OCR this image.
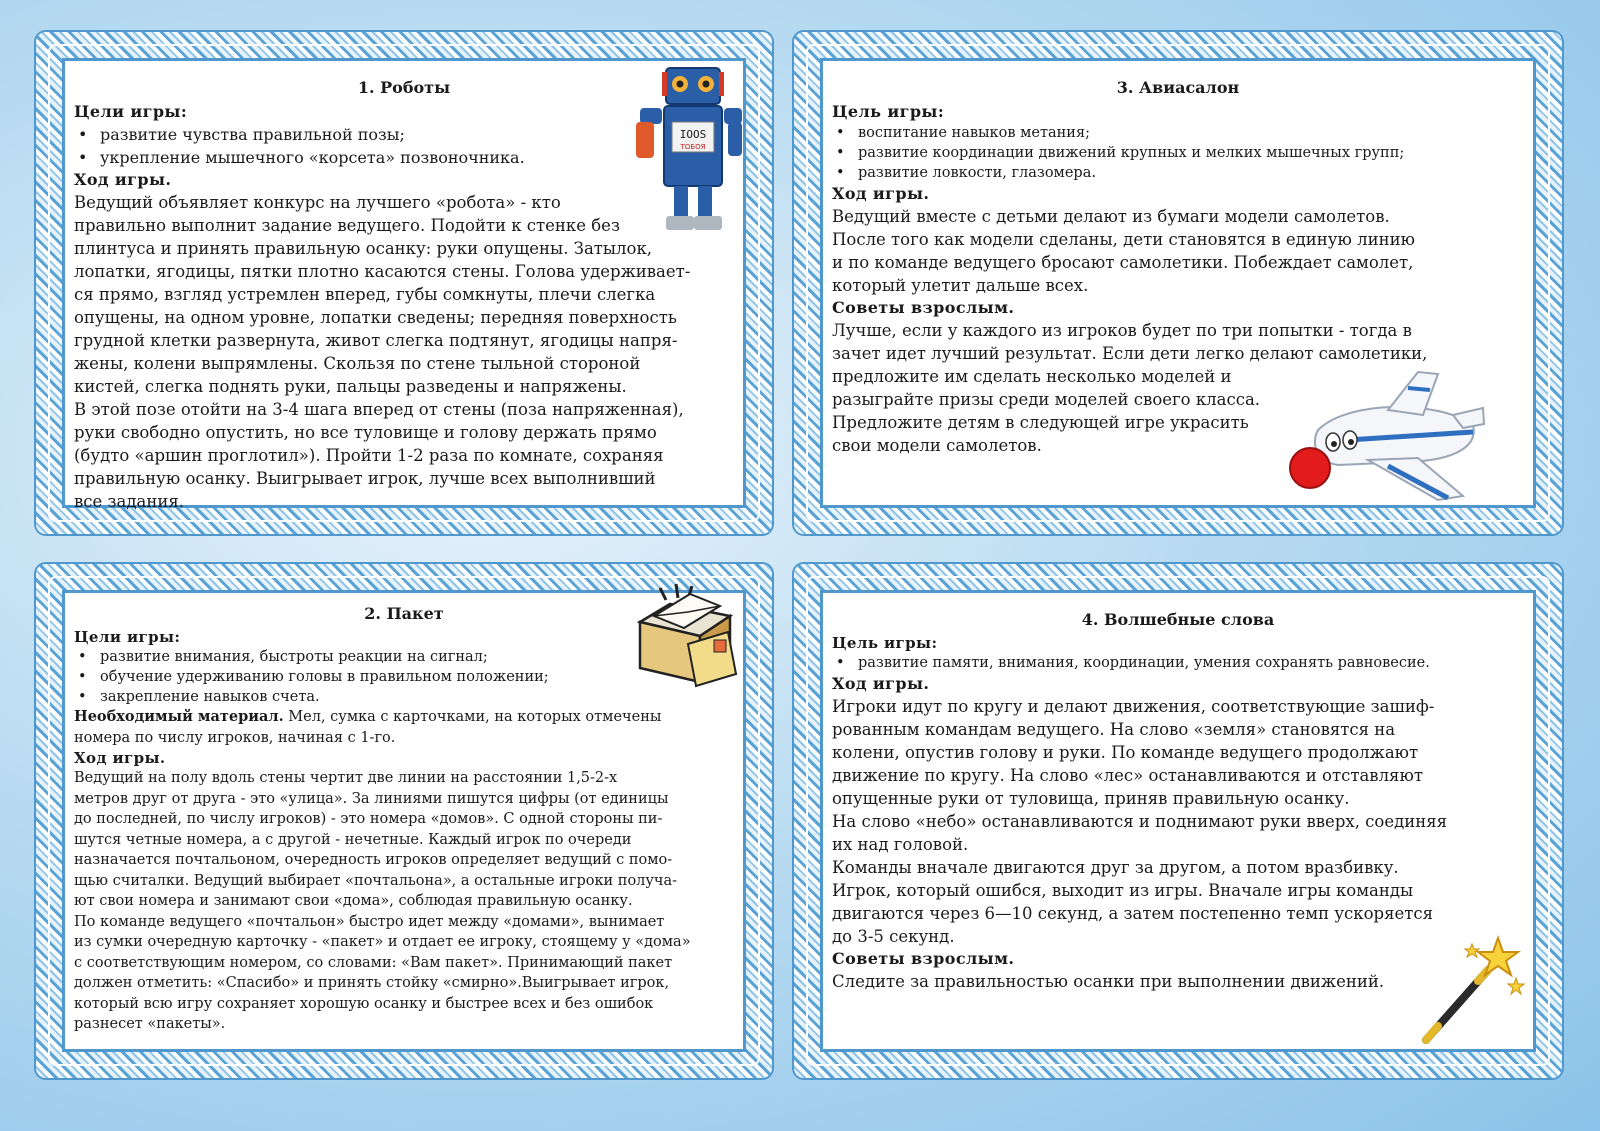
1. Роботы

Цели игры:

• развитие чувства правильной позы;
• укрепление мышечного «корсета» позвоночника.

Ход игры.

Ведущий объявляет конкурс на лучшего «робота» - кто

правильно выполнит задание ведущего. Подойти к стенке без

плинтуса и принять правильную осанку: руки опущены. Затылок,

лопатки, ягодицы, пятки плотно касаются стены. Голова удерживает-

ся прямо, взгляд устремлен вперед, губы сомкнуты, плечи слегка

опущены, на одном уровне, лопатки сведены; передняя поверхность

грудной клетки развернута, живот слегка подтянут, ягодицы напря-

жены, колени выпрямлены. Скользя по стене тыльной стороной

кистей, слегка поднять руки, пальцы разведены и напряжены.

В этой позе отойти на 3-4 шага вперед от стены (поза напряженная),

руки свободно опустить, но все туловище и голову держать прямо

(будто «аршин проглотил»). Пройти 1-2 раза по комнате, сохраняя

правильную осанку. Выигрывает игрок, лучше всех выполнивший

все задания.

IOOS
ТОБОЯ
3. Авиасалон

Цель игры:

• воспитание навыков метания;
• развитие координации движений крупных и мелких мышечных групп;
• развитие ловкости, глазомера.

Ход игры.

Ведущий вместе с детьми делают из бумаги модели самолетов.

После того как модели сделаны, дети становятся в единую линию

и по команде ведущего бросают самолетики. Побеждает самолет,

который улетит дальше всех.

Советы взрослым.

Лучше, если у каждого из игроков будет по три попытки - тогда в

зачет идет лучший результат. Если дети легко делают самолетики,

предложите им сделать несколько моделей и

разыграйте призы среди моделей своего класса.

Предложите детям в следующей игре украсить

свои модели самолетов.

2. Пакет

Цели игры:

• развитие внимания, быстроты реакции на сигнал;
• обучение удерживанию головы в правильном положении;
• закрепление навыков счета.

Необходимый материал. Мел, сумка с карточками, на которых отмечены

номера по числу игроков, начиная с 1-го.

Ход игры.

Ведущий на полу вдоль стены чертит две линии на расстоянии 1,5-2-х

метров друг от друга - это «улица». За линиями пишутся цифры (от единицы

до последней, по числу игроков) - это номера «домов». С одной стороны пи-

шутся четные номера, а с другой - нечетные. Каждый игрок по очереди

назначается почтальоном, очередность игроков определяет ведущий с помо-

щью считалки. Ведущий выбирает «почтальона», а остальные игроки получа-

ют свои номера и занимают свои «дома», соблюдая правильную осанку.

По команде ведущего «почтальон» быстро идет между «домами», вынимает

из сумки очередную карточку - «пакет» и отдает ее игроку, стоящему у «дома»

с соответствующим номером, со словами: «Вам пакет». Принимающий пакет

должен отметить: «Спасибо» и принять стойку «смирно».Выигрывает игрок,

который всю игру сохраняет хорошую осанку и быстрее всех и без ошибок

разнесет «пакеты».

4. Волшебные слова

Цель игры:

• развитие памяти, внимания, координации, умения сохранять равновесие.

Ход игры.

Игроки идут по кругу и делают движения, соответствующие зашиф-

рованным командам ведущего. На слово «земля» становятся на

колени, опустив голову и руки. По команде ведущего продолжают

движение по кругу. На слово «лес» останавливаются и отставляют

опущенные руки от туловища, приняв правильную осанку.

На слово «небо» останавливаются и поднимают руки вверх, соединяя

их над головой.

Команды вначале двигаются друг за другом, а потом вразбивку.

Игрок, который ошибся, выходит из игры. Вначале игры команды

двигаются через 6—10 секунд, а затем постепенно темп ускоряется

до 3-5 секунд.

Советы взрослым.

Следите за правильностью осанки при выполнении движений.
